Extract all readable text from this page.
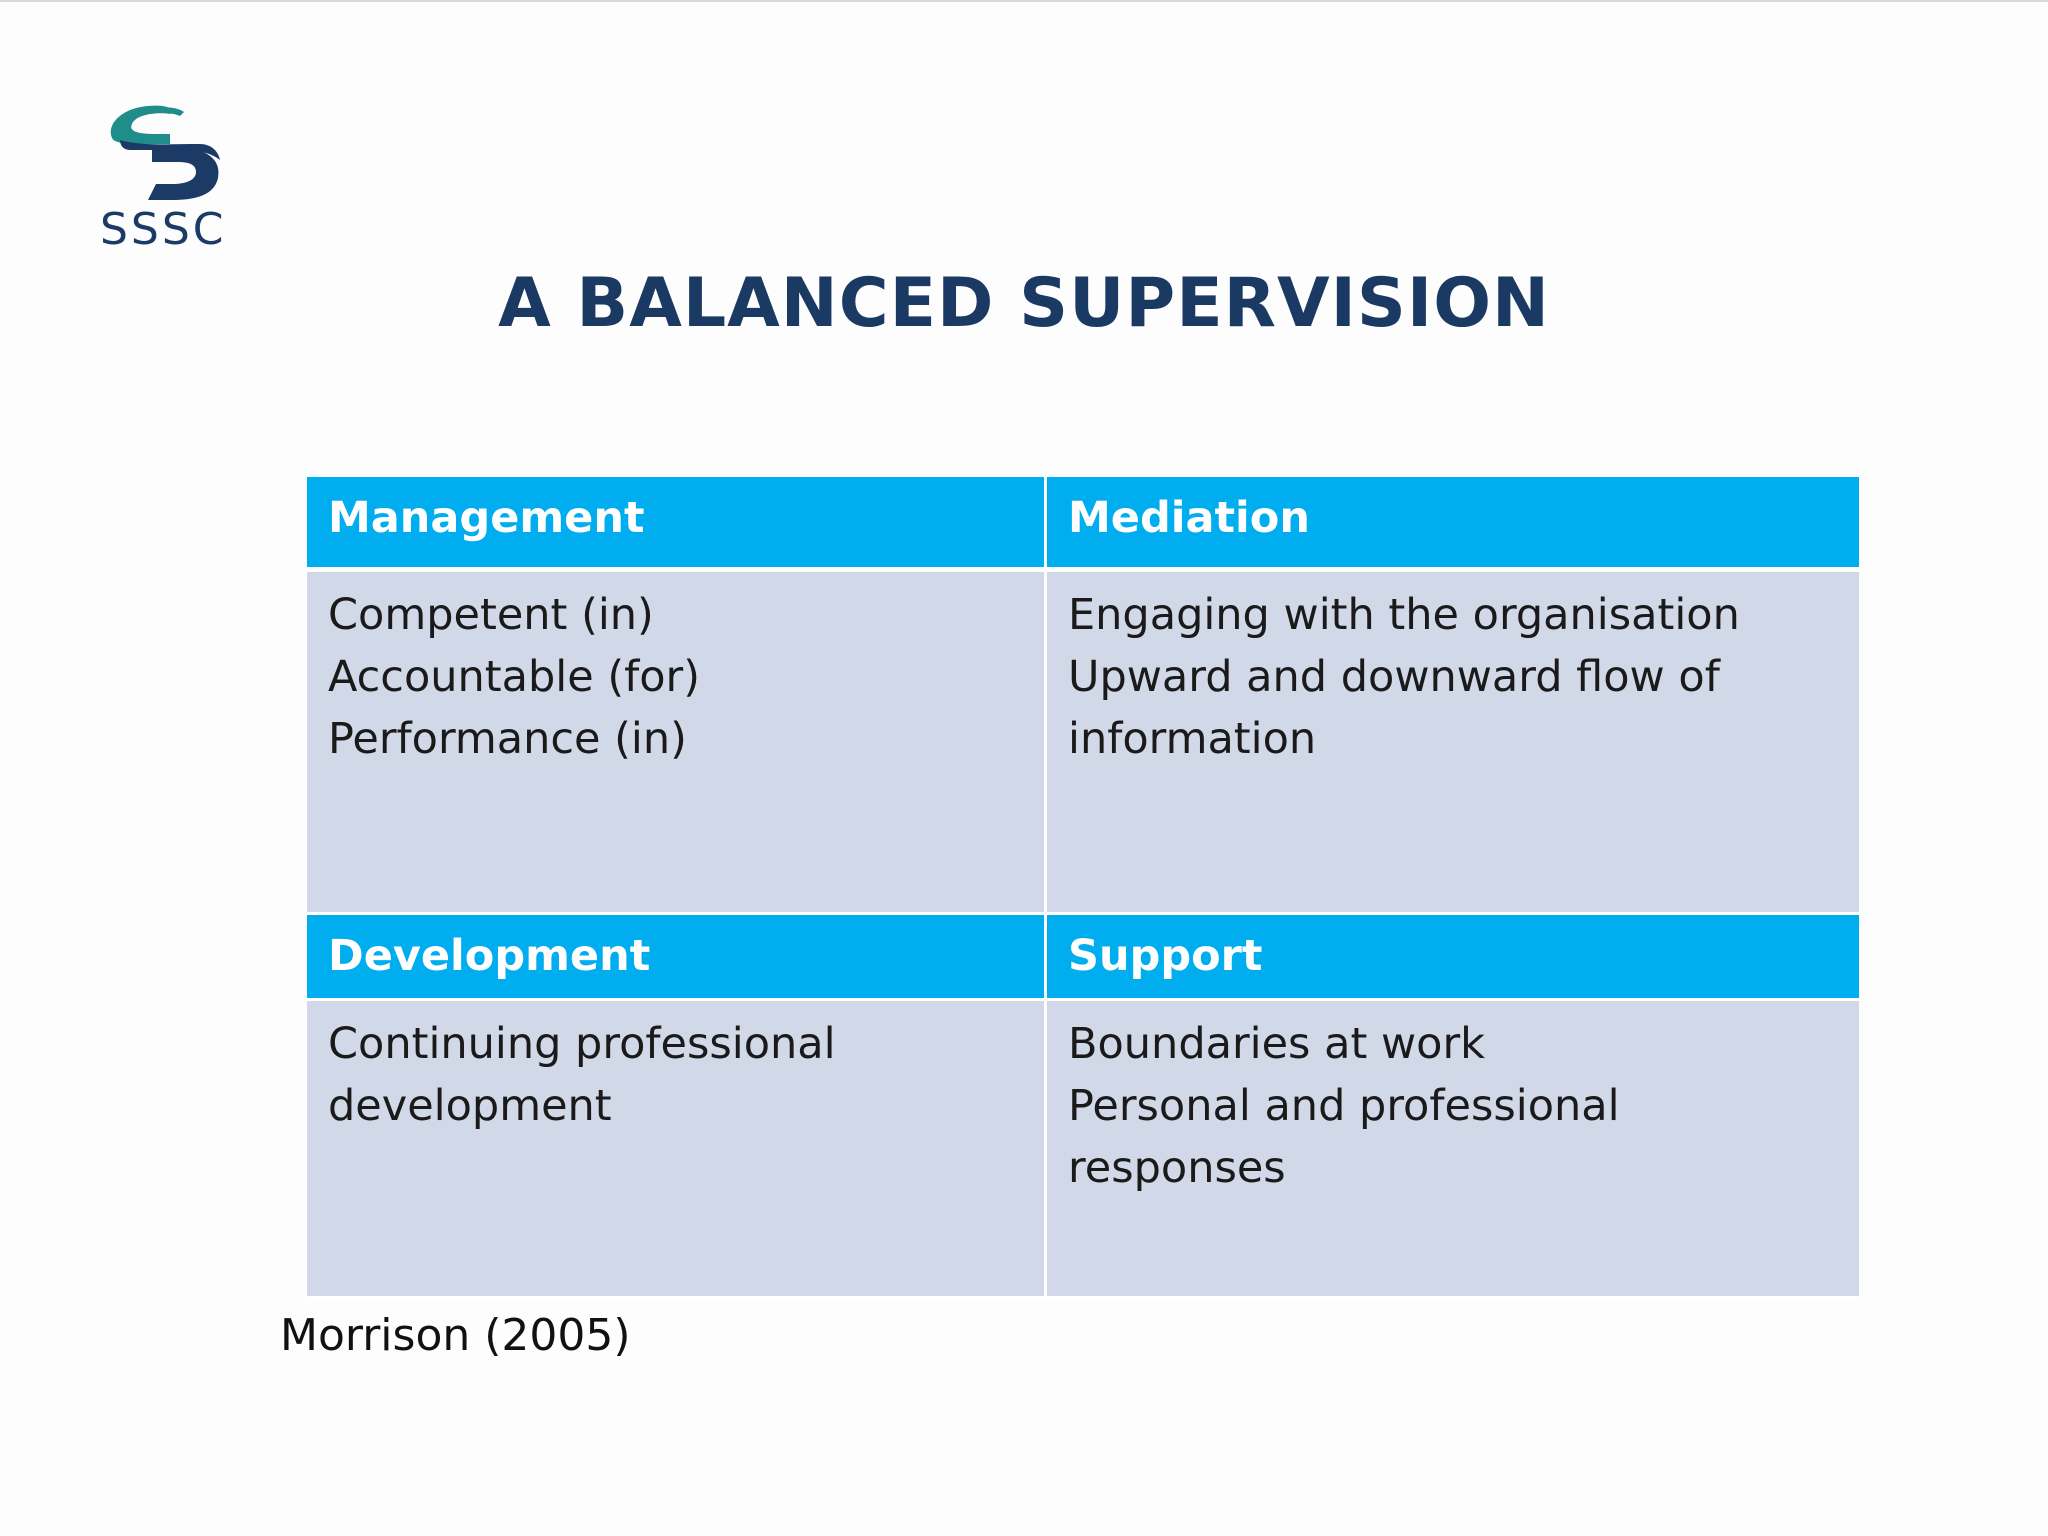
SSSC
A BALANCED SUPERVISION
Management	Mediation
Competent (in)
Accountable (for)
Performance (in)
Engaging with the organisation
Upward and downward flow of
information
Development	Support
Continuing professional
development
Boundaries at work
Personal and professional responses
Morrison (2005)
